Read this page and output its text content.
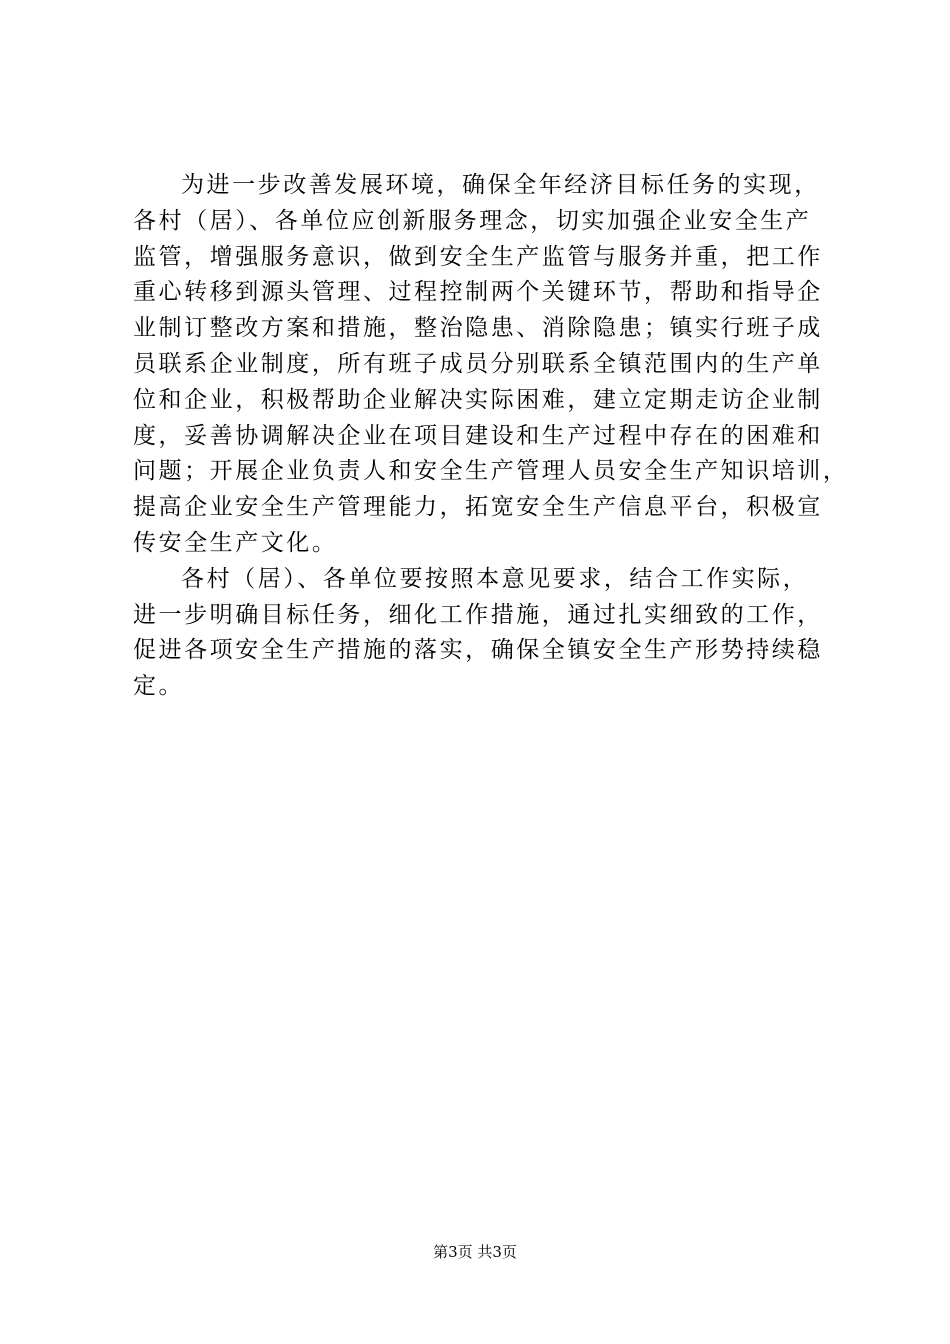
为进一步改善发展环境，确保全年经济目标任务的实现，
各村（居）、各单位应创新服务理念，切实加强企业安全生产
监管，增强服务意识，做到安全生产监管与服务并重，把工作
重心转移到源头管理、过程控制两个关键环节，帮助和指导企
业制订整改方案和措施，整治隐患、消除隐患；镇实行班子成
员联系企业制度，所有班子成员分别联系全镇范围内的生产单
位和企业，积极帮助企业解决实际困难，建立定期走访企业制
度，妥善协调解决企业在项目建设和生产过程中存在的困难和
问题；开展企业负责人和安全生产管理人员安全生产知识培训，
提高企业安全生产管理能力，拓宽安全生产信息平台，积极宣
传安全生产文化。
各村（居）、各单位要按照本意见要求，结合工作实际，
进一步明确目标任务，细化工作措施，通过扎实细致的工作，
促进各项安全生产措施的落实，确保全镇安全生产形势持续稳
定。
第3页 共3页
